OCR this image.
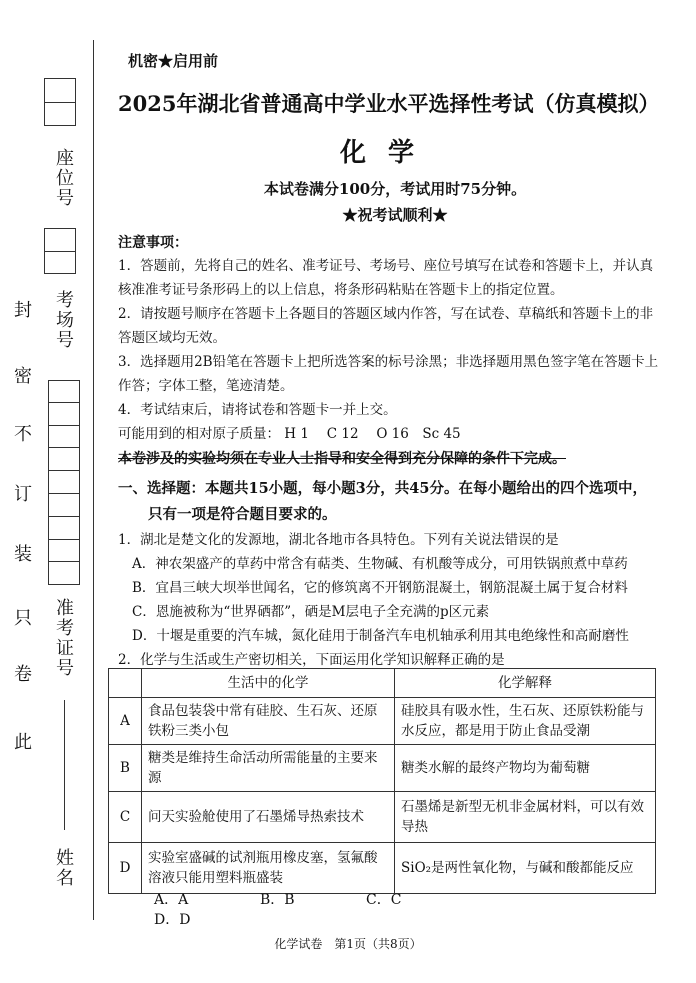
座位号
考场号
准考证号
姓名
此
卷
只
装
订
不
密
封
机密★启用前
2025年湖北省普通高中学业水平选择性考试（仿真模拟）
化学
本试卷满分100分，考试用时75分钟。
★祝考试顺利★
注意事项：

1．答题前，先将自己的姓名、准考证号、考场号、座位号填写在试卷和答题卡上，并认真核准准考证号条形码上的以上信息，将条形码粘贴在答题卡上的指定位置。

2．请按题号顺序在答题卡上各题目的答题区域内作答，写在试卷、草稿纸和答题卡上的非答题区域均无效。

3．选择题用2B铅笔在答题卡上把所选答案的标号涂黑；非选择题用黑色签字笔在答题卡上作答；字体工整，笔迹清楚。

4．考试结束后，请将试卷和答题卡一并上交。

可能用到的相对原子质量： H 1　 C 12　 O 16　Sc 45

本卷涉及的实验均须在专业人士指导和安全得到充分保障的条件下完成。
一、选择题：本题共15小题，每小题3分，共45分。在每小题给出的四个选项中，
只有一项是符合题目要求的。

1．湖北是楚文化的发源地，湖北各地市各具特色。下列有关说法错误的是

A．神农架盛产的草药中常含有萜类、生物碱、有机酸等成分，可用铁锅煎煮中草药

B．宜昌三峡大坝举世闻名，它的修筑离不开钢筋混凝土，钢筋混凝土属于复合材料

C．恩施被称为“世界硒都”，硒是M层电子全充满的p区元素

D．十堰是重要的汽车城，氮化硅用于制备汽车电机轴承利用其电绝缘性和高耐磨性

2．化学与生活或生产密切相关，下面运用化学知识解释正确的是

	生活中的化学	化学解释
A	食品包装袋中常有硅胶、生石灰、还原铁粉三类小包	硅胶具有吸水性，生石灰、还原铁粉能与水反应，都是用于防止食品受潮
B	糖类是维持生命活动所需能量的主要来源	糖类水解的最终产物均为葡萄糖
C	问天实验舱使用了石墨烯导热索技术	石墨烯是新型无机非金属材料，可以有效导热
D	实验室盛碱的试剂瓶用橡皮塞，氢氟酸溶液只能用塑料瓶盛装	SiO₂是两性氧化物，与碱和酸都能反应
A．A	B．B	C．CD．D
化学试卷　第1页（共8页）
